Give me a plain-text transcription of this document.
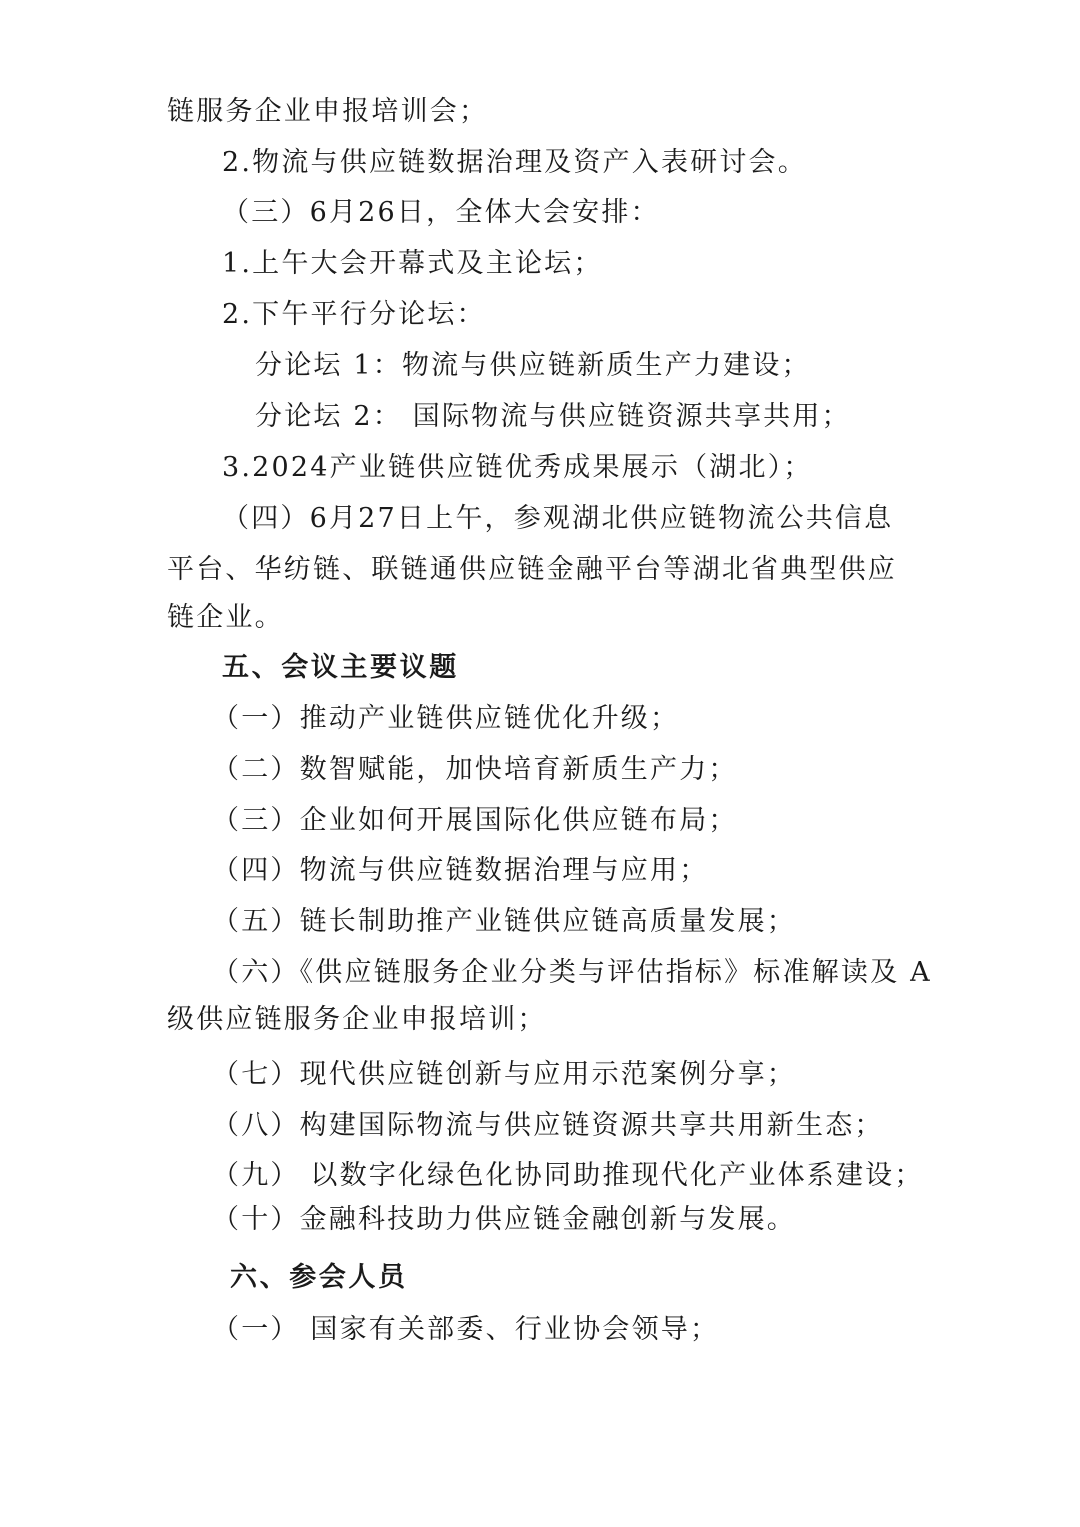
链服务企业申报培训会；

2.物流与供应链数据治理及资产入表研讨会。

（三）6月26日，全体大会安排：

1.上午大会开幕式及主论坛；

2.下午平行分论坛：

分论坛 1：物流与供应链新质生产力建设；

分论坛 2： 国际物流与供应链资源共享共用；

3.2024产业链供应链优秀成果展示（湖北）；

（四）6月27日上午，参观湖北供应链物流公共信息

平台、华纺链、联链通供应链金融平台等湖北省典型供应

链企业。

五、会议主要议题

（一）推动产业链供应链优化升级；

（二）数智赋能，加快培育新质生产力；

（三）企业如何开展国际化供应链布局；

（四）物流与供应链数据治理与应用；

（五）链长制助推产业链供应链高质量发展；

（六）《供应链服务企业分类与评估指标》标准解读及 A

级供应链服务企业申报培训；

（七）现代供应链创新与应用示范案例分享；

（八）构建国际物流与供应链资源共享共用新生态；

（九） 以数字化绿色化协同助推现代化产业体系建设；

（十）金融科技助力供应链金融创新与发展。

六、参会人员

（一） 国家有关部委、行业协会领导；
